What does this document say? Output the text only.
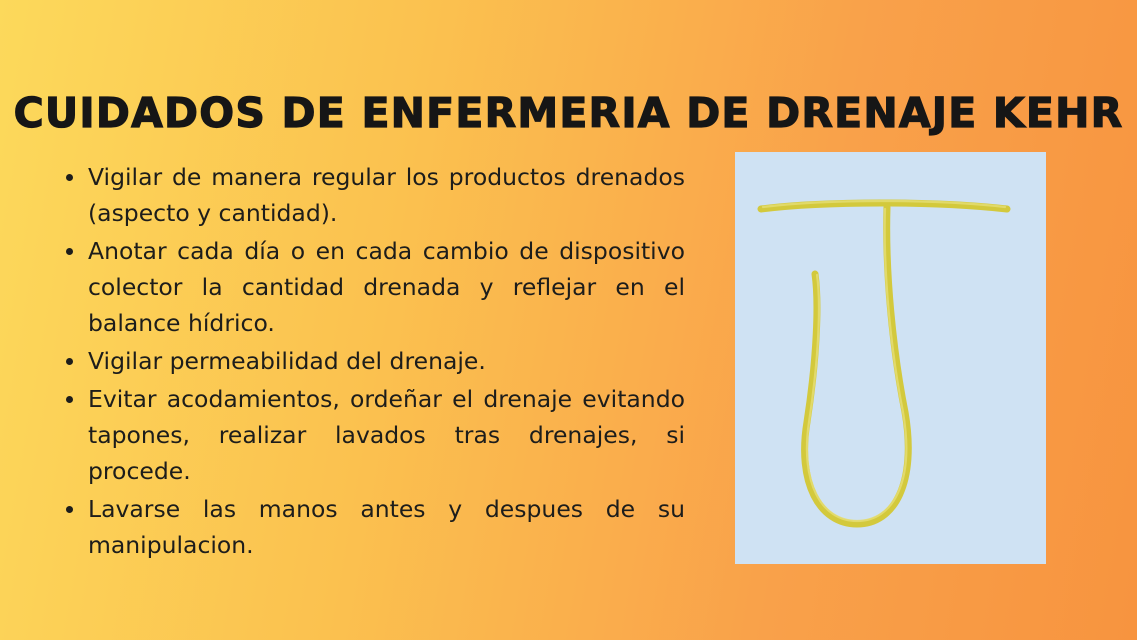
CUIDADOS DE ENFERMERIA DE DRENAJE KEHR
Vigilar de manera regular los productos drenados (aspecto y cantidad).
Anotar cada día o en cada cambio de dispositivo colector la cantidad drenada y reflejar en el balance hídrico.
Vigilar permeabilidad del drenaje.
Evitar acodamientos, ordeñar el drenaje evitando tapones, realizar lavados tras drenajes, si procede.
Lavarse las manos antes y despues de su manipulacion.
